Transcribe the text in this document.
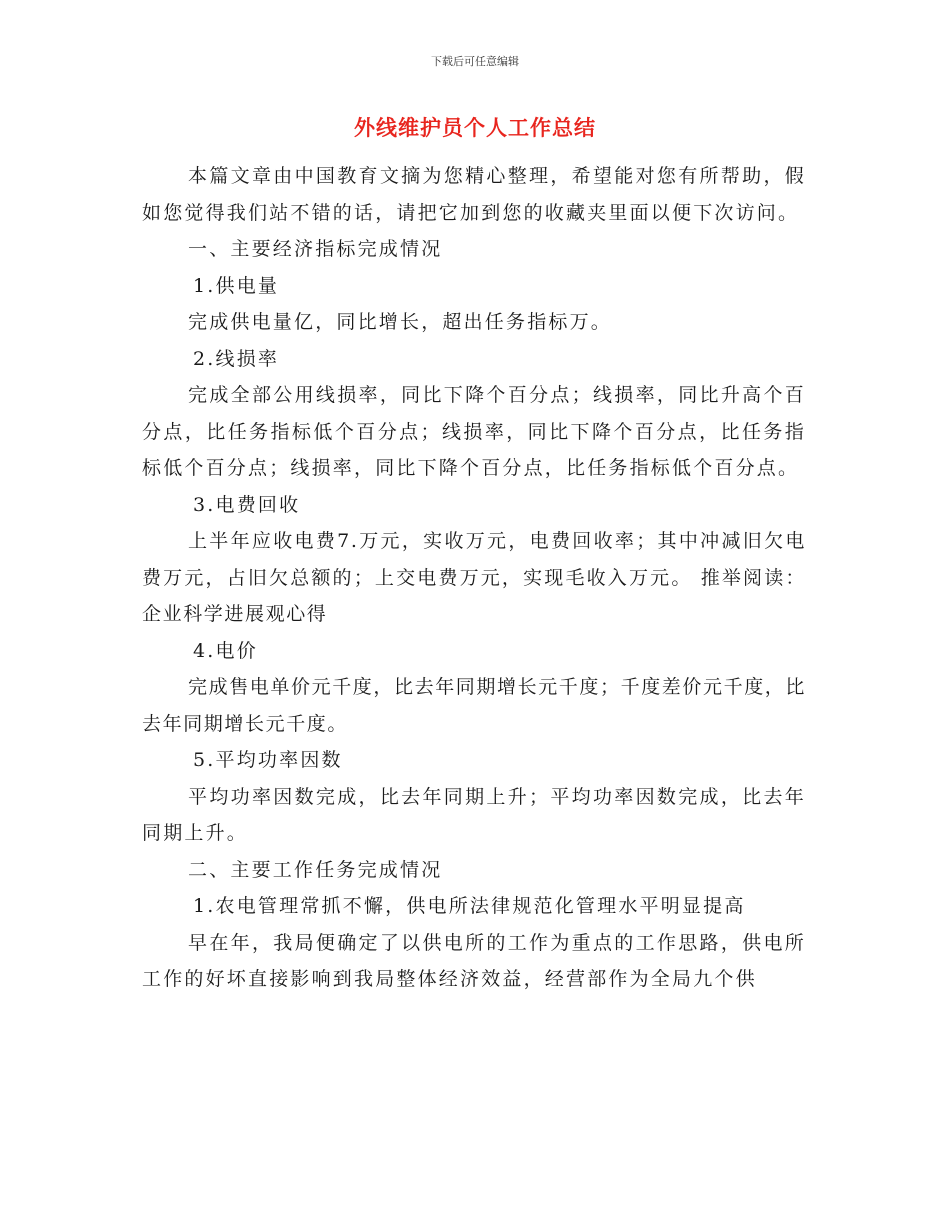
下载后可任意编辑
外线维护员个人工作总结

本篇文章由中国教育文摘为您精心整理，希望能对您有所帮助，假如您觉得我们站不错的话，请把它加到您的收藏夹里面以便下次访问。

一、主要经济指标完成情况

1.供电量

完成供电量亿，同比增长，超出任务指标万。

2.线损率

完成全部公用线损率，同比下降个百分点；线损率，同比升高个百分点，比任务指标低个百分点；线损率，同比下降个百分点，比任务指标低个百分点；线损率，同比下降个百分点，比任务指标低个百分点。

3.电费回收

上半年应收电费7.万元，实收万元，电费回收率；其中冲减旧欠电费万元，占旧欠总额的；上交电费万元，实现毛收入万元。 推举阅读：企业科学进展观心得

4.电价

完成售电单价元千度，比去年同期增长元千度；千度差价元千度，比去年同期增长元千度。

5.平均功率因数

平均功率因数完成，比去年同期上升；平均功率因数完成，比去年同期上升。

二、主要工作任务完成情况

1.农电管理常抓不懈，供电所法律规范化管理水平明显提高

早在年，我局便确定了以供电所的工作为重点的工作思路，供电所工作的好坏直接影响到我局整体经济效益，经营部作为全局九个供
